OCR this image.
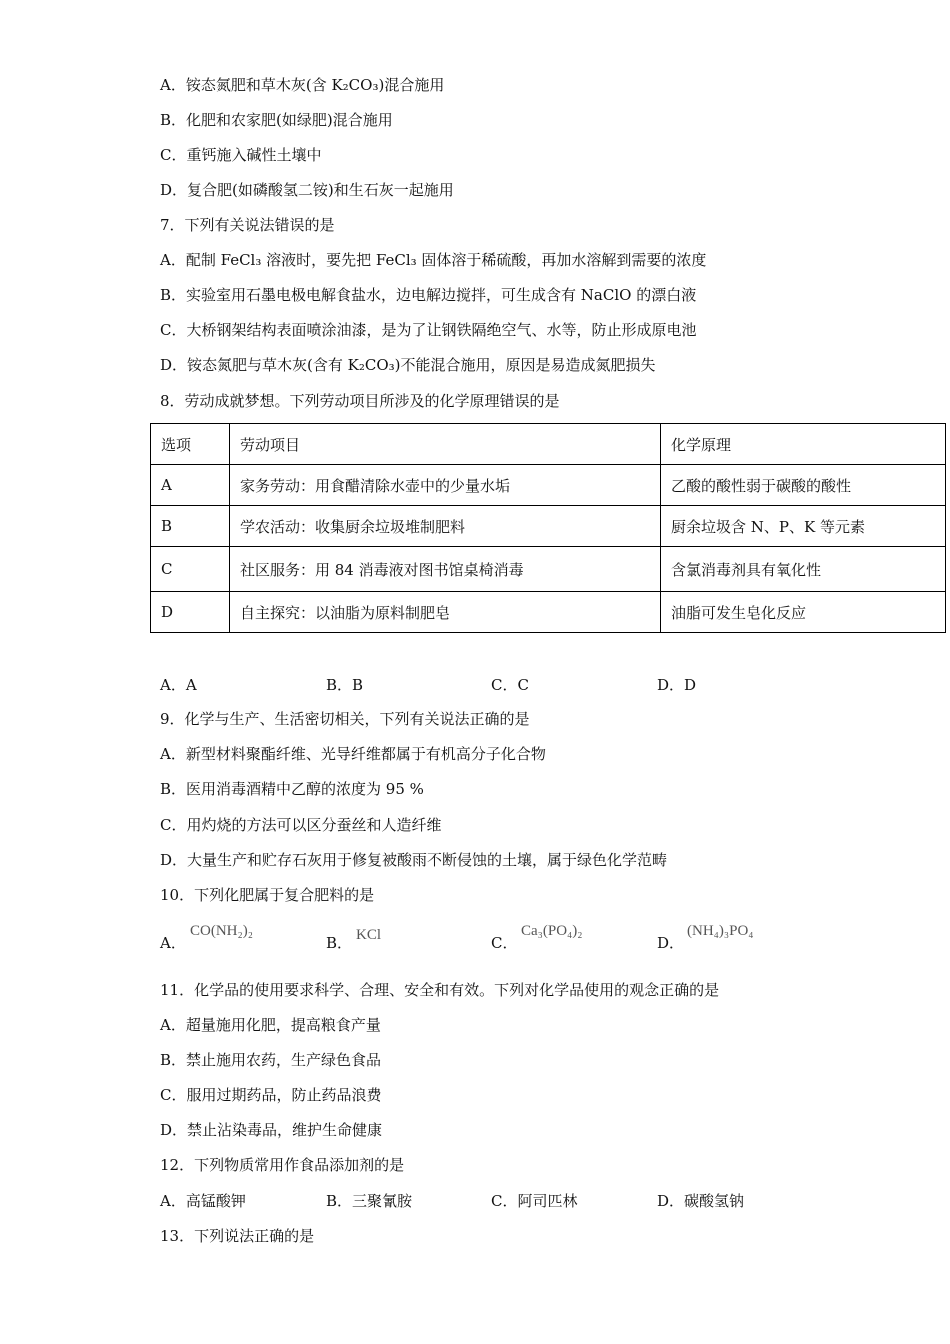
A．铵态氮肥和草木灰(含 K₂CO₃)混合施用
B．化肥和农家肥(如绿肥)混合施用
C．重钙施入碱性土壤中
D．复合肥(如磷酸氢二铵)和生石灰一起施用
7．下列有关说法错误的是
A．配制 FeCl₃ 溶液时，要先把 FeCl₃ 固体溶于稀硫酸，再加水溶解到需要的浓度
B．实验室用石墨电极电解食盐水，边电解边搅拌，可生成含有 NaClO 的漂白液
C．大桥钢架结构表面喷涂油漆，是为了让钢铁隔绝空气、水等，防止形成原电池
D．铵态氮肥与草木灰(含有 K₂CO₃)不能混合施用，原因是易造成氮肥损失
8．劳动成就梦想。下列劳动项目所涉及的化学原理错误的是
选项	劳动项目	化学原理
A	家务劳动：用食醋清除水壶中的少量水垢	乙酸的酸性弱于碳酸的酸性
B	学农活动：收集厨余垃圾堆制肥料	厨余垃圾含 N、P、K 等元素
C	社区服务：用 84 消毒液对图书馆桌椅消毒	含氯消毒剂具有氧化性
D	自主探究：以油脂为原料制肥皂	油脂可发生皂化反应
A．A	B．B	C．C	D．D
9．化学与生产、生活密切相关，下列有关说法正确的是
A．新型材料聚酯纤维、光导纤维都属于有机高分子化合物
B．医用消毒酒精中乙醇的浓度为 95 %
C．用灼烧的方法可以区分蚕丝和人造纤维
D．大量生产和贮存石灰用于修复被酸雨不断侵蚀的土壤，属于绿色化学范畴
10．下列化肥属于复合肥料的是
A．
CO(NH₂)₂
B． KCl	C．
Ca₃(PO₄)₂
D．
(NH₄)₃PO₄
11．化学品的使用要求科学、合理、安全和有效。下列对化学品使用的观念正确的是
A．超量施用化肥，提高粮食产量
B．禁止施用农药，生产绿色食品
C．服用过期药品，防止药品浪费
D．禁止沾染毒品，维护生命健康
12．下列物质常用作食品添加剂的是
A．高锰酸钾	B．三聚氰胺	C．阿司匹林	D．碳酸氢钠
13．下列说法正确的是
